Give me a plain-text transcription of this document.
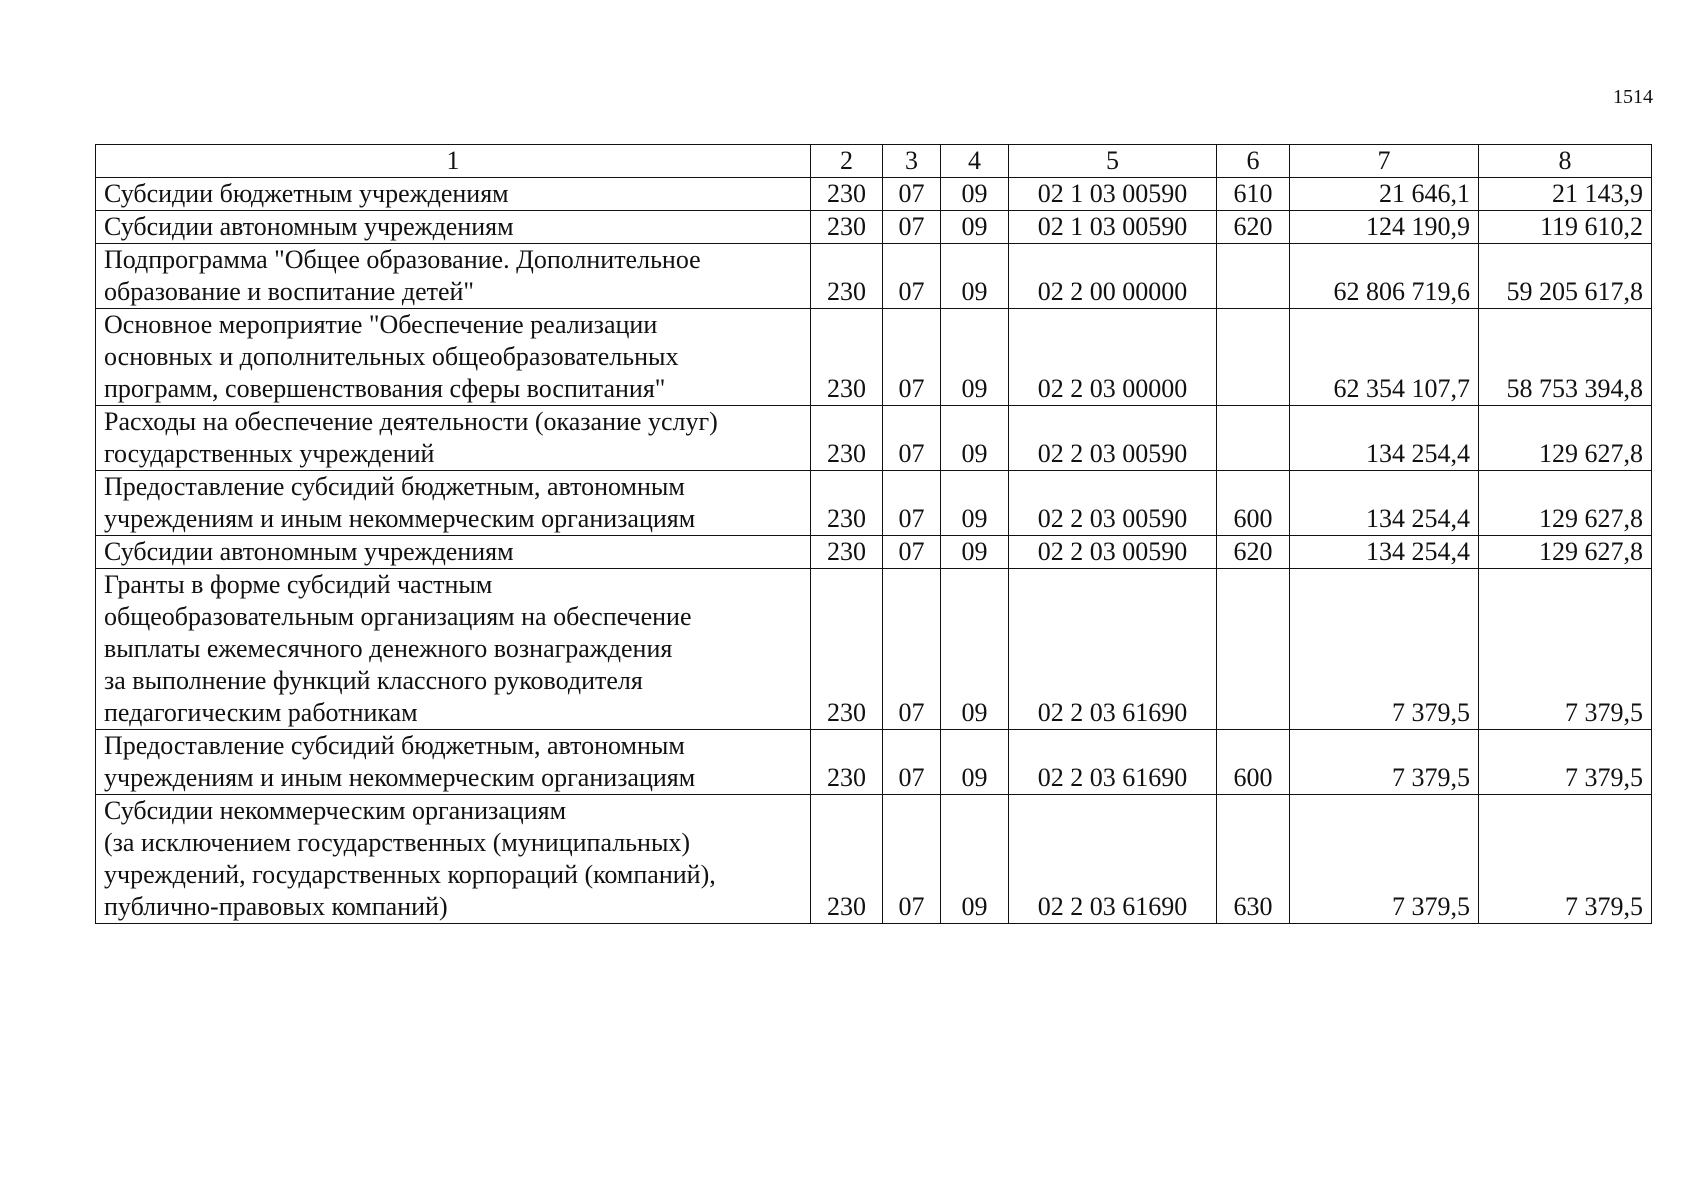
1514
1	2	3	4	5	6	7	8
Субсидии бюджетным учреждениям	230	07	09	02 1 03 00590	610	21 646,1	21 143,9
Субсидии автономным учреждениям	230	07	09	02 1 03 00590	620	124 190,9	119 610,2
Подпрограмма "Общее образование. Дополнительное
образование и воспитание детей"	230	07	09	02 2 00 00000		62 806 719,6	59 205 617,8
Основное мероприятие "Обеспечение реализации
основных и дополнительных общеобразовательных
программ, совершенствования сферы воспитания"	230	07	09	02 2 03 00000		62 354 107,7	58 753 394,8
Расходы на обеспечение деятельности (оказание услуг)
государственных учреждений	230	07	09	02 2 03 00590		134 254,4	129 627,8
Предоставление субсидий бюджетным, автономным
учреждениям и иным некоммерческим организациям	230	07	09	02 2 03 00590	600	134 254,4	129 627,8
Субсидии автономным учреждениям	230	07	09	02 2 03 00590	620	134 254,4	129 627,8
Гранты в форме субсидий частным
общеобразовательным организациям на обеспечение
выплаты ежемесячного денежного вознаграждения
за выполнение функций классного руководителя
педагогическим работникам	230	07	09	02 2 03 61690		7 379,5	7 379,5
Предоставление субсидий бюджетным, автономным
учреждениям и иным некоммерческим организациям	230	07	09	02 2 03 61690	600	7 379,5	7 379,5
Субсидии некоммерческим организациям
(за исключением государственных (муниципальных)
учреждений, государственных корпораций (компаний),
публично-правовых компаний)	230	07	09	02 2 03 61690	630	7 379,5	7 379,5
